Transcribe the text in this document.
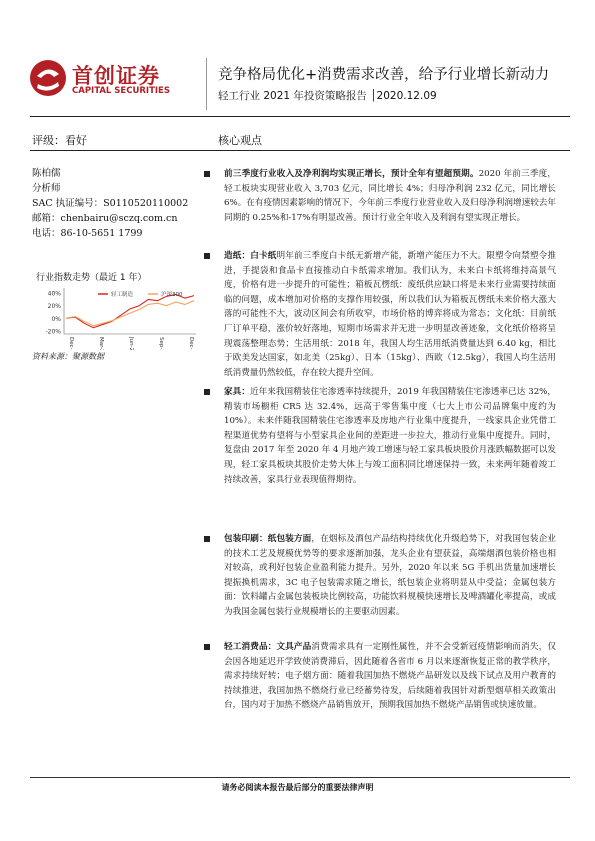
首创证券
CAPITAL SECURITIES
竞争格局优化+消费需求改善，给予行业增长新动力
轻工行业 2021 年投资策略报告 │2020.12.09
评级：看好	核心观点
陈柏儒
分析师
SAC 执证编号：S0110520110002
邮箱：chenbairu@sczq.com.cn
电话：86-10-5651 1799
行业指数走势（最近 1 年）
40%
20%
0%
-20%
Dec-19	Mar-20	Jun-20	Sep-20	Dec-20
轻工制造	沪深300
资料来源：聚源数据
前三季度行业收入及净利润均实现正增长，预计全年有望超预期。2020 年前三季度，轻工板块实现营业收入 3,703 亿元，同比增长 4%；归母净利润 232 亿元，同比增长 6%。在有疫情因素影响的情况下，今年前三季度行业营业收入及归母净利润增速较去年同期的 0.25%和-17%有明显改善。预计行业全年收入及利润有望实现正增长。
造纸：白卡纸明年前三季度白卡纸无新增产能，新增产能压力不大。限塑令向禁塑令推进，手提袋和食品卡直接推动白卡纸需求增加。我们认为，未来白卡纸将维持高景气度，价格有进一步提升的可能性；箱板瓦楞纸：废纸供应缺口将是未来行业需要持续面临的问题，成本增加对价格的支撑作用较强，所以我们认为箱板瓦楞纸未来价格大涨大落的可能性不大，波动区间会有所收窄，市场价格的博弈将成为常态；文化纸：目前纸厂订单平稳，涨价较好落地，短期市场需求并无进一步明显改善迹象，文化纸价格将呈现震荡整理态势；生活用纸：2018 年，我国人均生活用纸消费量达到 6.40 kg，相比于欧美发达国家，如北美（25kg）、日本（15kg）、西欧（12.5kg），我国人均生活用纸消费量仍然较低，存在较大提升空间。
家具：近年来我国精装住宅渗透率持续提升，2019 年我国精装住宅渗透率已达 32%，精装市场橱柜 CR5 达 32.4%，远高于零售集中度（七大上市公司品牌集中度约为 10%）。未来伴随我国精装住宅渗透率及房地产行业集中度提升，一线家具企业凭借工程渠道优势有望将与小型家具企业间的差距进一步拉大，推动行业集中度提升。同时，复盘由 2017 年至 2020 年 4 月地产竣工增速与轻工家具板块股价月涨跌幅数据可以发现，轻工家具板块其股价走势大体上与竣工面积同比增速保持一致，未来两年随着竣工持续改善，家具行业表现值得期待。
包装印刷：纸包装方面，在烟标及酒包产品结构持续优化升级趋势下，对我国包装企业的技术工艺及规模优势等的要求逐渐加强，龙头企业有望获益，高端烟酒包装价格也相对较高，或利好包装企业盈利能力提升。另外，2020 年以来 5G 手机出货量加速增长提振换机需求，3C 电子包装需求随之增长，纸包装企业将明显从中受益；金属包装方面：饮料罐占金属包装板块比例较高，功能饮料规模快速增长及啤酒罐化率提高，或成为我国金属包装行业规模增长的主要驱动因素。
轻工消费品：文具产品消费需求具有一定刚性属性，并不会受新冠疫情影响而消失，仅会因各地延迟开学致使消费滞后，因此随着各省市 6 月以来逐渐恢复正常的教学秩序，需求持续好转；电子烟方面：随着我国加热不燃烧产品研发以及线下试点及用户教育的持续推进，我国加热不燃烧行业已经蓄势待发，后续随着我国针对新型烟草相关政策出台，国内对于加热不燃烧产品销售放开，预期我国加热不燃烧产品销售或快速放量。
请务必阅读本报告最后部分的重要法律声明
